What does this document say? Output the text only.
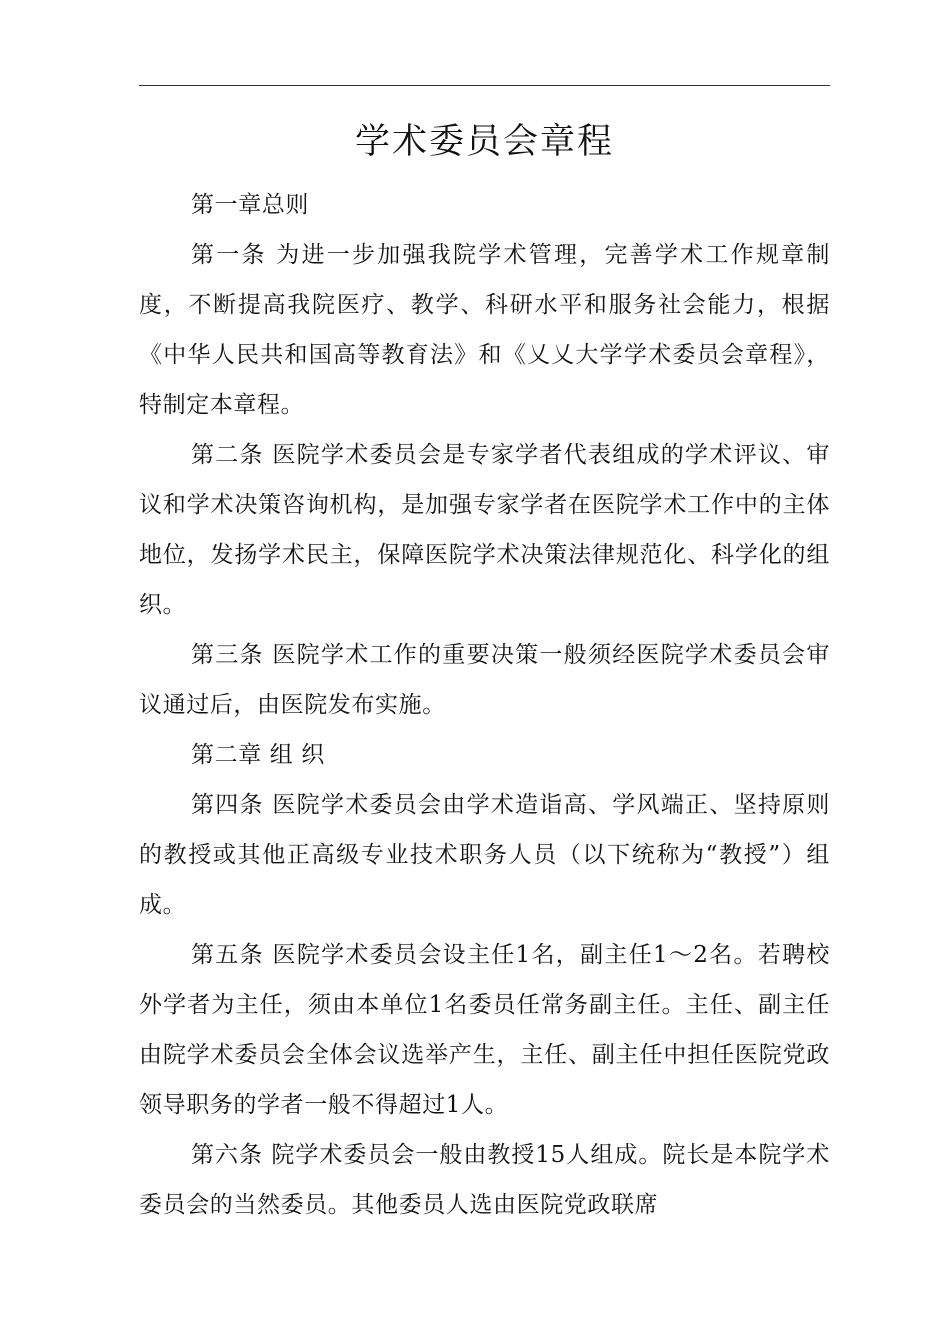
学术委员会章程

第一章总则

第一条 为进一步加强我院学术管理，完善学术工作规章制度，不断提高我院医疗、教学、科研水平和服务社会能力，根据《中华人民共和国高等教育法》和《乂乂大学学术委员会章程》，特制定本章程。

第二条 医院学术委员会是专家学者代表组成的学术评议、审议和学术决策咨询机构，是加强专家学者在医院学术工作中的主体地位，发扬学术民主，保障医院学术决策法律规范化、科学化的组织。

第三条 医院学术工作的重要决策一般须经医院学术委员会审议通过后，由医院发布实施。

第二章 组 织

第四条 医院学术委员会由学术造诣高、学风端正、坚持原则的教授或其他正高级专业技术职务人员（以下统称为“教授”）组成。

第五条 医院学术委员会设主任1名，副主任1〜2名。若聘校外学者为主任，须由本单位1名委员任常务副主任。主任、副主任由院学术委员会全体会议选举产生，主任、副主任中担任医院党政领导职务的学者一般不得超过1人。

第六条 院学术委员会一般由教授15人组成。院长是本院学术委员会的当然委员。其他委员人选由医院党政联席
